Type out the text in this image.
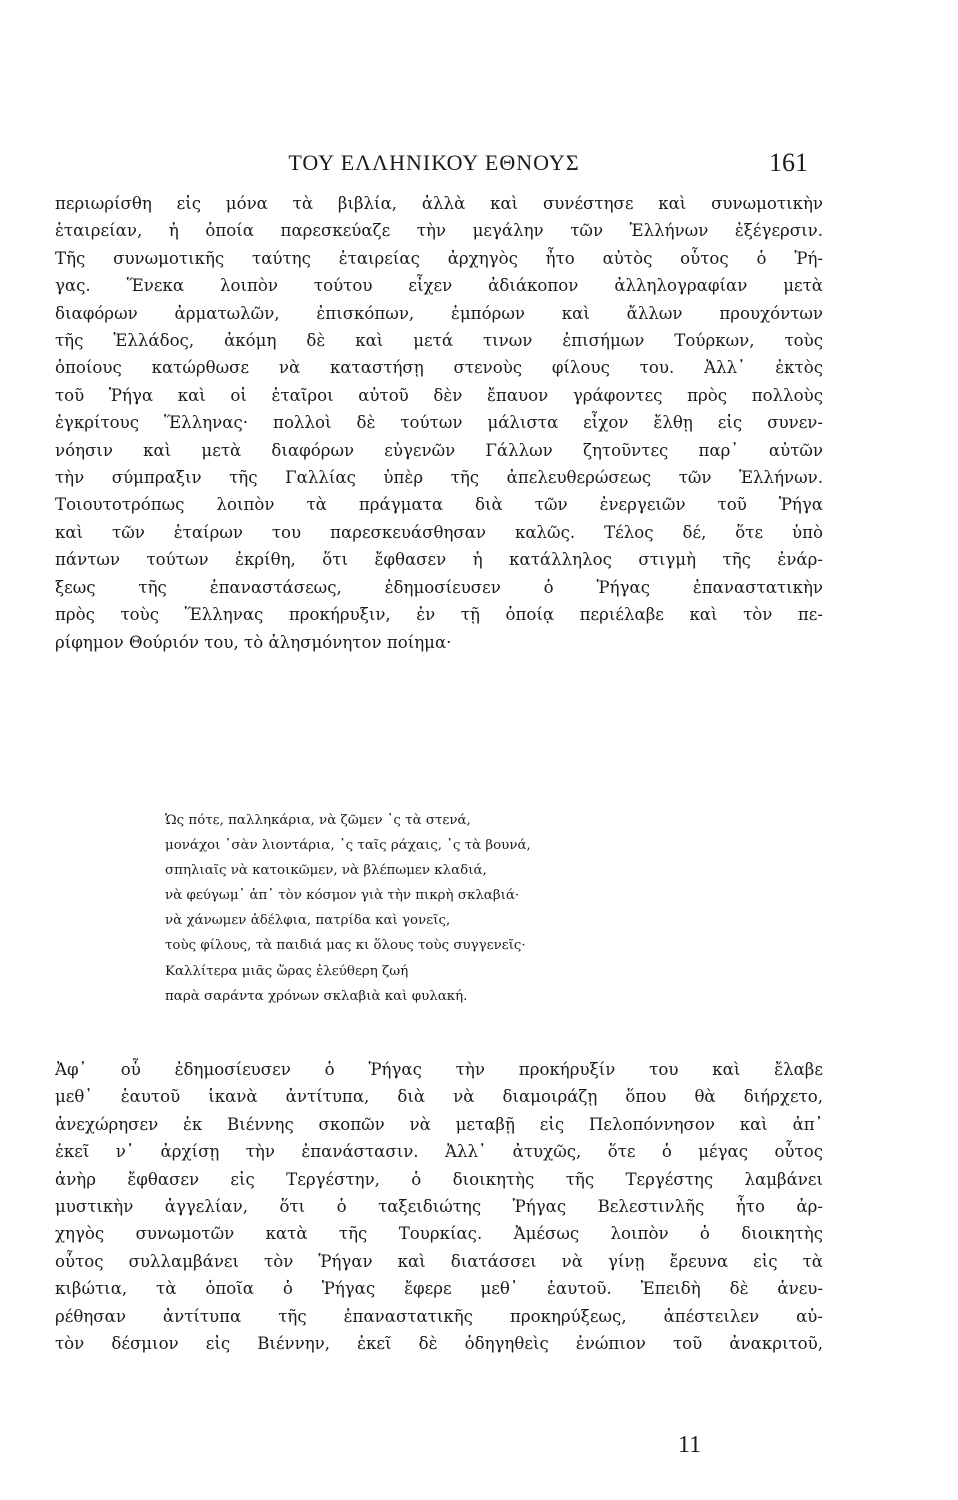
ΤΟΥ ΕΛΛΗΝΙΚΟΥ ΕΘΝΟΥΣ	161
περιωρίσθη εἰς μόνα τὰ βιβλία, ἀλλὰ καὶ συνέστησε καὶ συνωμοτικὴν
ἑταιρείαν, ἡ ὁποία παρεσκεύαζε τὴν μεγάλην τῶν Ἑλλήνων ἐξέγερσιν.
Τῆς συνωμοτικῆς ταύτης ἑταιρείας ἀρχηγὸς ἦτο αὐτὸς οὗτος ὁ Ῥή-
γας. Ἕνεκα λοιπὸν τούτου εἶχεν ἀδιάκοπον ἀλληλογραφίαν μετὰ
διαφόρων ἀρματωλῶν, ἐπισκόπων, ἐμπόρων καὶ ἄλλων προυχόντων
τῆς Ἑλλάδος, ἀκόμη δὲ καὶ μετά τινων ἐπισήμων Τούρκων, τοὺς
ὁποίους κατώρθωσε νὰ καταστήσῃ στενοὺς φίλους του. Ἀλλ᾿ ἐκτὸς
τοῦ Ῥήγα καὶ οἱ ἑταῖροι αὐτοῦ δὲν ἔπαυον γράφοντες πρὸς πολλοὺς
ἐγκρίτους Ἕλληνας· πολλοὶ δὲ τούτων μάλιστα εἶχον ἔλθῃ εἰς συνεν-
νόησιν καὶ μετὰ διαφόρων εὐγενῶν Γάλλων ζητοῦντες παρ᾿ αὐτῶν
τὴν σύμπραξιν τῆς Γαλλίας ὑπὲρ τῆς ἀπελευθερώσεως τῶν Ἑλλήνων.
Τοιουτοτρόπως λοιπὸν τὰ πράγματα διὰ τῶν ἐνεργειῶν τοῦ Ῥήγα
καὶ τῶν ἑταίρων του παρεσκευάσθησαν καλῶς. Τέλος δέ, ὅτε ὑπὸ
πάντων τούτων ἐκρίθη, ὅτι ἔφθασεν ἡ κατάλληλος στιγμὴ τῆς ἐνάρ-
ξεως τῆς ἐπαναστάσεως, ἐδημοσίευσεν ὁ Ῥήγας ἐπαναστατικὴν
πρὸς τοὺς Ἕλληνας προκήρυξιν, ἐν τῇ ὁποίᾳ περιέλαβε καὶ τὸν πε-
ρίφημον Θούριόν του, τὸ ἀλησμόνητον ποίημα·
Ὡς πότε, παλληκάρια, νὰ ζῶμεν ᾽ς τὰ στενά,
μονάχοι ᾽σὰν λιοντάρια, ᾽ς ταῖς ράχαις, ᾽ς τὰ βουνά,
σπηλιαῖς νὰ κατοικῶμεν, νὰ βλέπωμεν κλαδιά,
νὰ φεύγωμ᾽ ἀπ᾽ τὸν κόσμον γιὰ τὴν πικρὴ σκλαβιά·
νὰ χάνωμεν ἀδέλφια, πατρίδα καὶ γονεῖς,
τοὺς φίλους, τὰ παιδιά μας κι ὅλους τοὺς συγγενεῖς·
Καλλίτερα μιᾶς ὥρας ἐλεύθερη ζωή
παρὰ σαράντα χρόνων σκλαβιὰ καὶ φυλακή.
Ἀφ᾿ οὗ ἐδημοσίευσεν ὁ Ῥήγας τὴν προκήρυξίν του καὶ ἔλαβε
μεθ᾿ ἑαυτοῦ ἱκανὰ ἀντίτυπα, διὰ νὰ διαμοιράζῃ ὅπου θὰ διήρχετο,
ἀνεχώρησεν ἐκ Βιέννης σκοπῶν νὰ μεταβῇ εἰς Πελοπόννησον καὶ ἀπ᾿
ἐκεῖ ν᾿ ἀρχίσῃ τὴν ἐπανάστασιν. Ἀλλ᾿ ἀτυχῶς, ὅτε ὁ μέγας οὗτος
ἀνὴρ ἔφθασεν εἰς Τεργέστην, ὁ διοικητὴς τῆς Τεργέστης λαμβάνει
μυστικὴν ἀγγελίαν, ὅτι ὁ ταξειδιώτης Ῥήγας Βελεστινλῆς ἦτο ἀρ-
χηγὸς συνωμοτῶν κατὰ τῆς Τουρκίας. Ἀμέσως λοιπὸν ὁ διοικητὴς
οὗτος συλλαμβάνει τὸν Ῥήγαν καὶ διατάσσει νὰ γίνῃ ἔρευνα εἰς τὰ
κιβώτια, τὰ ὁποῖα ὁ Ῥήγας ἔφερε μεθ᾿ ἑαυτοῦ. Ἐπειδὴ δὲ ἀνευ-
ρέθησαν ἀντίτυπα τῆς ἐπαναστατικῆς προκηρύξεως, ἀπέστειλεν αὐ-
τὸν δέσμιον εἰς Βιέννην, ἐκεῖ δὲ ὁδηγηθεὶς ἐνώπιον τοῦ ἀνακριτοῦ,
11
